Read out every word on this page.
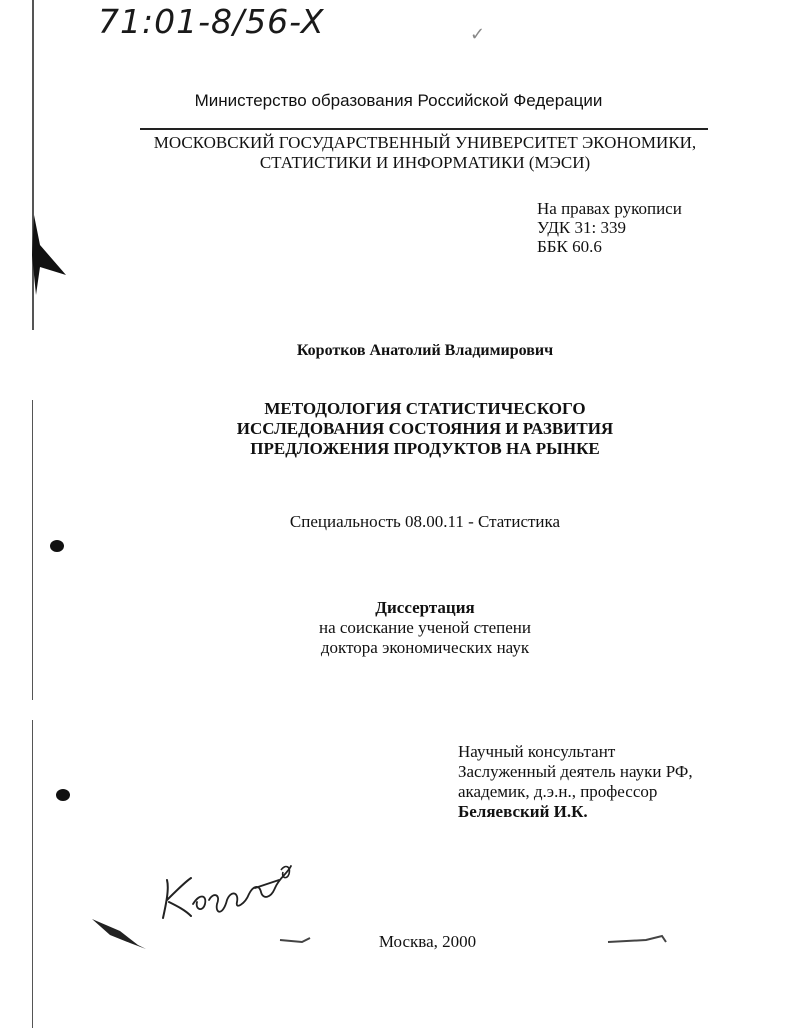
71:01-8/56-X	✓
Министерство образования Российской Федерации
МОСКОВСКИЙ ГОСУДАРСТВЕННЫЙ УНИВЕРСИТЕТ ЭКОНОМИКИ,
СТАТИСТИКИ И ИНФОРМАТИКИ (МЭСИ)
На правах рукописи
УДК 31: 339
ББК 60.6
Коротков Анатолий Владимирович
МЕТОДОЛОГИЯ СТАТИСТИЧЕСКОГО
ИССЛЕДОВАНИЯ СОСТОЯНИЯ И РАЗВИТИЯ
ПРЕДЛОЖЕНИЯ ПРОДУКТОВ НА РЫНКЕ
Специальность 08.00.11 - Статистика
Диссертация
на соискание ученой степени
доктора экономических наук
Научный консультант
Заслуженный деятель науки РФ,
академик, д.э.н., профессор
Беляевский И.К.
Москва, 2000
